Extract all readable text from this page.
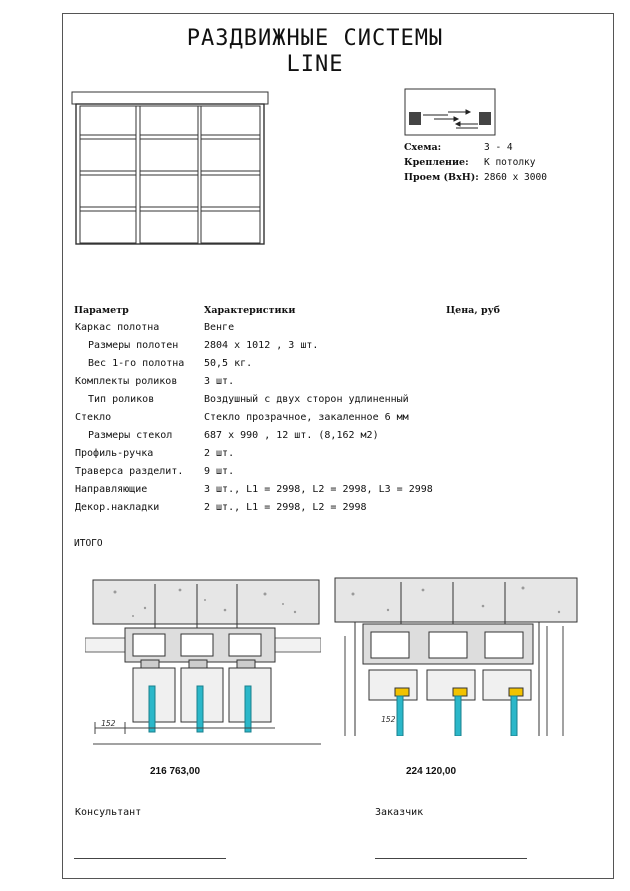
РАЗДВИЖНЫЕ СИСТЕМЫ
LINE
Схема:	3 - 4
Крепление: К потолку
Проем (BxH): 2860 x 3000
Параметр	Характеристики	Цена, руб
Каркас полотна	Венге
Размеры полотен	2804 x 1012 , 3 шт.
Вес 1-го полотна 50,5 кг.
Комплекты роликов	3 шт.
Тип роликов	Воздушный с двух сторон удлиненный
Стекло	Стекло прозрачное, закаленное 6 мм
Размеры стекол	687 x 990 , 12 шт. (8,162 м2)
Профиль-ручка	2 шт.
Траверса разделит. 9 шт.
Направляющие	3 шт., L1 = 2998, L2 = 2998, L3 = 2998
Декор.накладки	2 шт., L1 = 2998, L2 = 2998
ИТОГО
152
216 763,00
152
224 120,00
Консультант	Заказчик
